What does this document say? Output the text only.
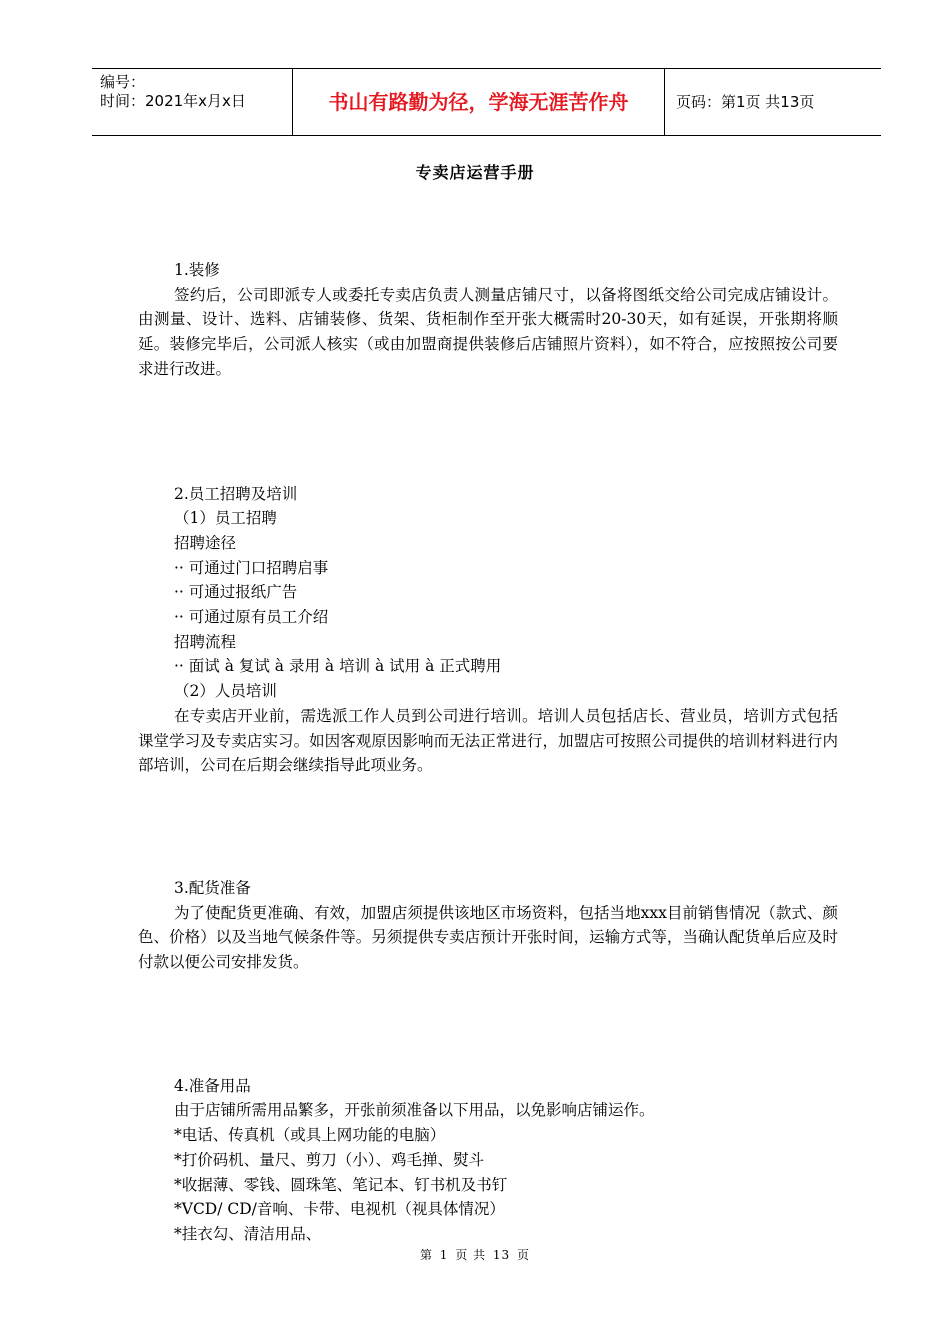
编号：
时间：2021年x月x日	书山有路勤为径，学海无涯苦作舟	页码：第1页 共13页
专卖店运营手册
1.装修
签约后，公司即派专人或委托专卖店负责人测量店铺尺寸，以备将图纸交给公司完成店铺设计。由测量、设计、选料、店铺装修、货架、货柜制作至开张大概需时20-30天，如有延误，开张期将顺延。装修完毕后，公司派人核实（或由加盟商提供装修后店铺照片资料），如不符合，应按照按公司要求进行改进。
2.员工招聘及培训
（1）员工招聘
招聘途径
·· 可通过门口招聘启事
·· 可通过报纸广告
·· 可通过原有员工介绍
招聘流程
·· 面试 à 复试 à 录用 à 培训 à 试用 à 正式聘用
（2）人员培训
在专卖店开业前，需选派工作人员到公司进行培训。培训人员包括店长、营业员，培训方式包括课堂学习及专卖店实习。如因客观原因影响而无法正常进行，加盟店可按照公司提供的培训材料进行内部培训，公司在后期会继续指导此项业务。
3.配货准备
为了使配货更准确、有效，加盟店须提供该地区市场资料，包括当地xxx目前销售情况（款式、颜色、价格）以及当地气候条件等。另须提供专卖店预计开张时间，运输方式等，当确认配货单后应及时付款以便公司安排发货。
4.准备用品
由于店铺所需用品繁多，开张前须准备以下用品，以免影响店铺运作。
*电话、传真机（或具上网功能的电脑）
*打价码机、量尺、剪刀（小）、鸡毛掸、熨斗
*收据薄、零钱、圆珠笔、笔记本、钉书机及书钉
*VCD/ CD/音响、卡带、电视机（视具体情况）
*挂衣勾、清洁用品、
第 1 页 共 13 页
